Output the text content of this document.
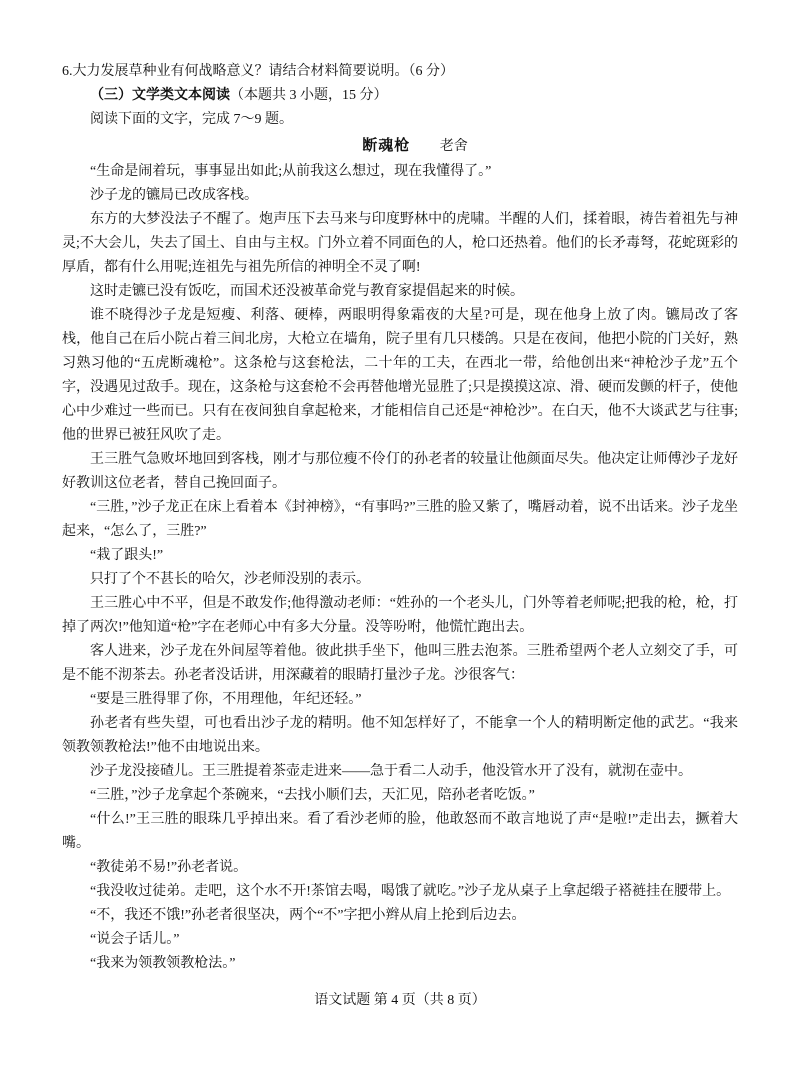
6.大力发展草种业有何战略意义？请结合材料简要说明。（6 分）

（三）文学类文本阅读（本题共 3 小题，15 分）

阅读下面的文字，完成 7～9 题。

断魂枪 老舍

“生命是闹着玩，事事显出如此;从前我这么想过，现在我懂得了。”

沙子龙的镳局已改成客栈。

东方的大梦没法子不醒了。炮声压下去马来与印度野林中的虎啸。半醒的人们，揉着眼，祷告着祖先与神灵;不大会儿，失去了国土、自由与主权。门外立着不同面色的人，枪口还热着。他们的长矛毒弩，花蛇斑彩的厚盾，都有什么用呢;连祖先与祖先所信的神明全不灵了啊!

这时走镳已没有饭吃，而国术还没被革命党与教育家提倡起来的时候。

谁不晓得沙子龙是短瘦、利落、硬棒，两眼明得象霜夜的大星?可是，现在他身上放了肉。镳局改了客栈，他自己在后小院占着三间北房，大枪立在墙角，院子里有几只楼鸽。只是在夜间，他把小院的门关好，熟习熟习他的“五虎断魂枪”。这条枪与这套枪法，二十年的工夫，在西北一带，给他创出来“神枪沙子龙”五个字，没遇见过敌手。现在，这条枪与这套枪不会再替他增光显胜了;只是摸摸这凉、滑、硬而发颤的杆子，使他心中少难过一些而已。只有在夜间独自拿起枪来，才能相信自己还是“神枪沙”。在白天，他不大谈武艺与往事;他的世界已被狂风吹了走。

王三胜气急败坏地回到客栈，刚才与那位瘦不伶仃的孙老者的较量让他颜面尽失。他决定让师傅沙子龙好好教训这位老者，替自己挽回面子。

“三胜，”沙子龙正在床上看着本《封神榜》，“有事吗?”三胜的脸又紫了，嘴唇动着，说不出话来。沙子龙坐起来，“怎么了，三胜?”

“栽了跟头!”

只打了个不甚长的哈欠，沙老师没别的表示。

王三胜心中不平，但是不敢发作;他得激动老师：“姓孙的一个老头儿，门外等着老师呢;把我的枪，枪，打掉了两次!”他知道“枪”字在老师心中有多大分量。没等吩咐，他慌忙跑出去。

客人进来，沙子龙在外间屋等着他。彼此拱手坐下，他叫三胜去泡茶。三胜希望两个老人立刻交了手，可是不能不沏茶去。孙老者没话讲，用深藏着的眼睛打量沙子龙。沙很客气：

“要是三胜得罪了你，不用理他，年纪还轻。”

孙老者有些失望，可也看出沙子龙的精明。他不知怎样好了，不能拿一个人的精明断定他的武艺。“我来领教领教枪法!”他不由地说出来。

沙子龙没接碴儿。王三胜提着茶壶走进来——急于看二人动手，他没管水开了没有，就沏在壶中。

“三胜，”沙子龙拿起个茶碗来，“去找小顺们去，天汇见，陪孙老者吃饭。”

“什么!”王三胜的眼珠几乎掉出来。看了看沙老师的脸，他敢怒而不敢言地说了声“是啦!”走出去，撅着大嘴。

“教徒弟不易!”孙老者说。

“我没收过徒弟。走吧，这个水不开!茶馆去喝，喝饿了就吃。”沙子龙从桌子上拿起缎子褡裢挂在腰带上。

“不，我还不饿!”孙老者很坚决，两个“不”字把小辫从肩上抡到后边去。

“说会子话儿。”

“我来为领教领教枪法。”

语文试题 第 4 页（共 8 页）
